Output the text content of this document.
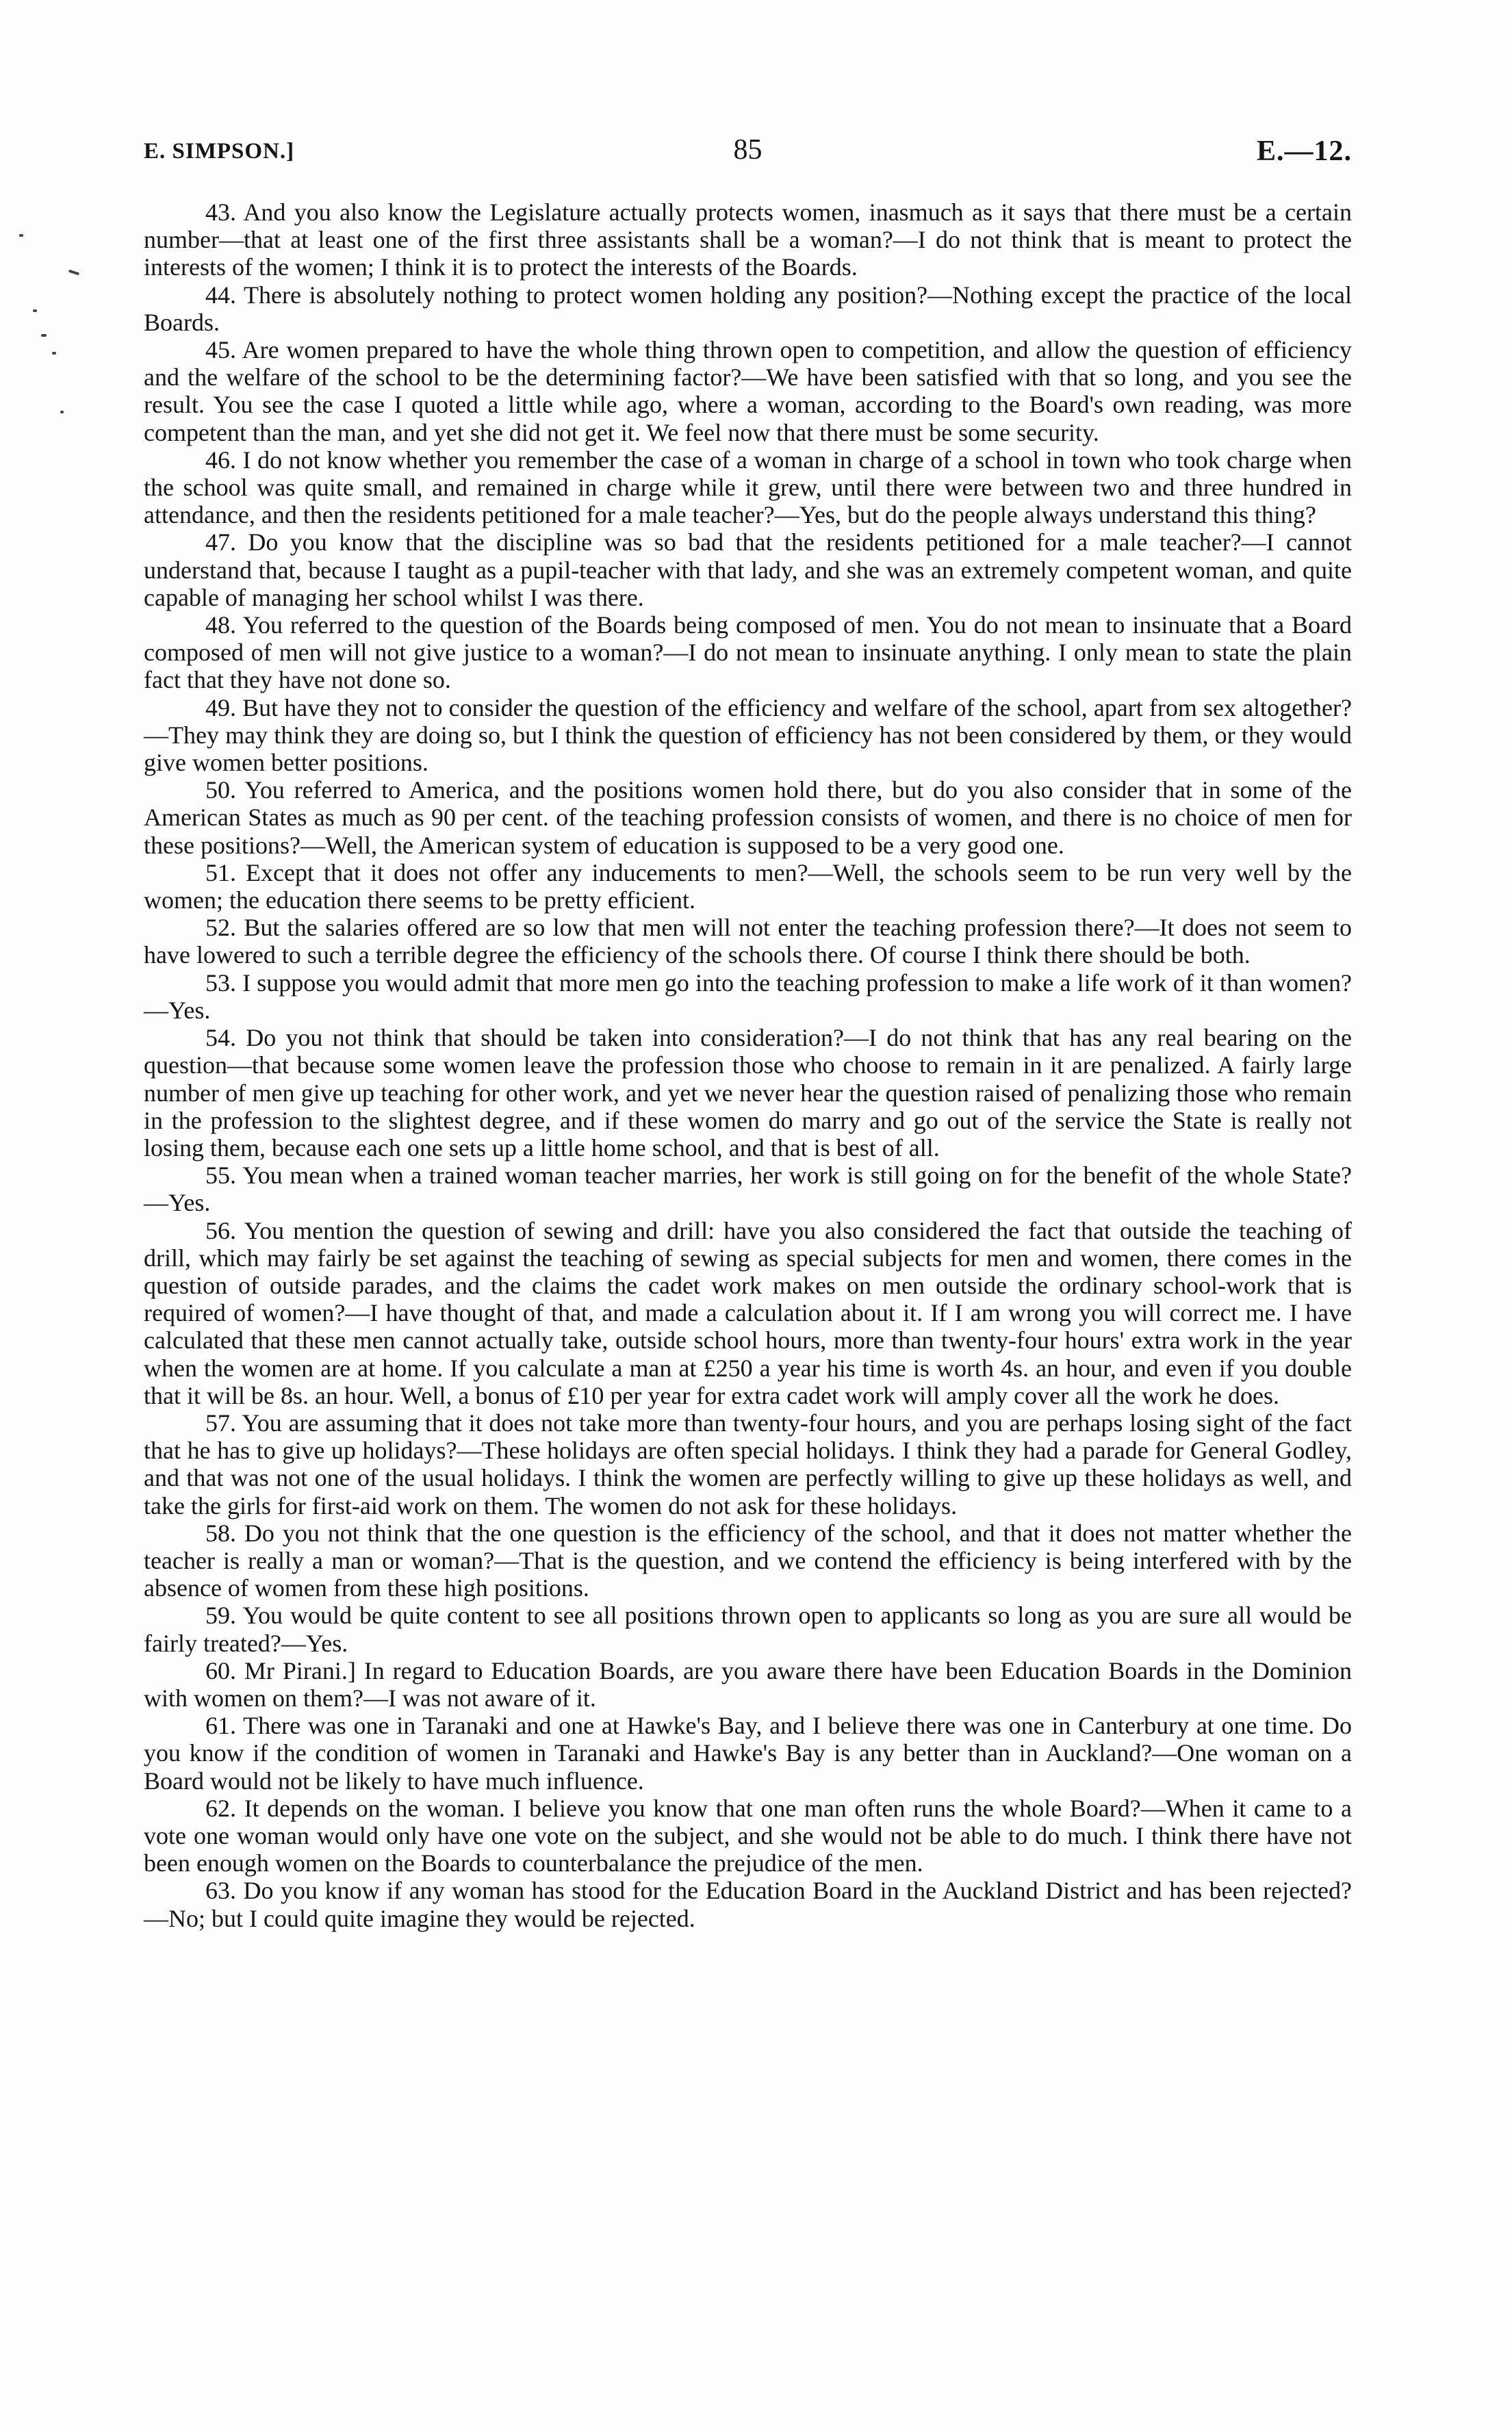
E. SIMPSON.]	85	E.—12.

43. And you also know the Legislature actually protects women, inasmuch as it says that there must be a certain number—that at least one of the first three assistants shall be a woman?—I do not think that is meant to protect the interests of the women; I think it is to protect the interests of the Boards.

44. There is absolutely nothing to protect women holding any position?—Nothing except the practice of the local Boards.

45. Are women prepared to have the whole thing thrown open to competition, and allow the question of efficiency and the welfare of the school to be the determining factor?—We have been satisfied with that so long, and you see the result. You see the case I quoted a little while ago, where a woman, according to the Board's own reading, was more competent than the man, and yet she did not get it. We feel now that there must be some security.

46. I do not know whether you remember the case of a woman in charge of a school in town who took charge when the school was quite small, and remained in charge while it grew, until there were between two and three hundred in attendance, and then the residents petitioned for a male teacher?—Yes, but do the people always understand this thing?

47. Do you know that the discipline was so bad that the residents petitioned for a male teacher?—I cannot understand that, because I taught as a pupil-teacher with that lady, and she was an extremely competent woman, and quite capable of managing her school whilst I was there.

48. You referred to the question of the Boards being composed of men. You do not mean to insinuate that a Board composed of men will not give justice to a woman?—I do not mean to insinuate anything. I only mean to state the plain fact that they have not done so.

49. But have they not to consider the question of the efficiency and welfare of the school, apart from sex altogether?—They may think they are doing so, but I think the question of efficiency has not been considered by them, or they would give women better positions.

50. You referred to America, and the positions women hold there, but do you also consider that in some of the American States as much as 90 per cent. of the teaching profession consists of women, and there is no choice of men for these positions?—Well, the American system of education is supposed to be a very good one.

51. Except that it does not offer any inducements to men?—Well, the schools seem to be run very well by the women; the education there seems to be pretty efficient.

52. But the salaries offered are so low that men will not enter the teaching profession there?—It does not seem to have lowered to such a terrible degree the efficiency of the schools there. Of course I think there should be both.

53. I suppose you would admit that more men go into the teaching profession to make a life work of it than women?—Yes.

54. Do you not think that should be taken into consideration?—I do not think that has any real bearing on the question—that because some women leave the profession those who choose to remain in it are penalized. A fairly large number of men give up teaching for other work, and yet we never hear the question raised of penalizing those who remain in the profession to the slightest degree, and if these women do marry and go out of the service the State is really not losing them, because each one sets up a little home school, and that is best of all.

55. You mean when a trained woman teacher marries, her work is still going on for the benefit of the whole State?—Yes.

56. You mention the question of sewing and drill: have you also considered the fact that outside the teaching of drill, which may fairly be set against the teaching of sewing as special subjects for men and women, there comes in the question of outside parades, and the claims the cadet work makes on men outside the ordinary school-work that is required of women?—I have thought of that, and made a calculation about it. If I am wrong you will correct me. I have calculated that these men cannot actually take, outside school hours, more than twenty-four hours' extra work in the year when the women are at home. If you calculate a man at £250 a year his time is worth 4s. an hour, and even if you double that it will be 8s. an hour. Well, a bonus of £10 per year for extra cadet work will amply cover all the work he does.

57. You are assuming that it does not take more than twenty-four hours, and you are perhaps losing sight of the fact that he has to give up holidays?—These holidays are often special holidays. I think they had a parade for General Godley, and that was not one of the usual holidays. I think the women are perfectly willing to give up these holidays as well, and take the girls for first-aid work on them. The women do not ask for these holidays.

58. Do you not think that the one question is the efficiency of the school, and that it does not matter whether the teacher is really a man or woman?—That is the question, and we contend the efficiency is being interfered with by the absence of women from these high positions.

59. You would be quite content to see all positions thrown open to applicants so long as you are sure all would be fairly treated?—Yes.

60. Mr Pirani.] In regard to Education Boards, are you aware there have been Education Boards in the Dominion with women on them?—I was not aware of it.

61. There was one in Taranaki and one at Hawke's Bay, and I believe there was one in Canterbury at one time. Do you know if the condition of women in Taranaki and Hawke's Bay is any better than in Auckland?—One woman on a Board would not be likely to have much influence.

62. It depends on the woman. I believe you know that one man often runs the whole Board?—When it came to a vote one woman would only have one vote on the subject, and she would not be able to do much. I think there have not been enough women on the Boards to counterbalance the prejudice of the men.

63. Do you know if any woman has stood for the Education Board in the Auckland District and has been rejected?—No; but I could quite imagine they would be rejected.
